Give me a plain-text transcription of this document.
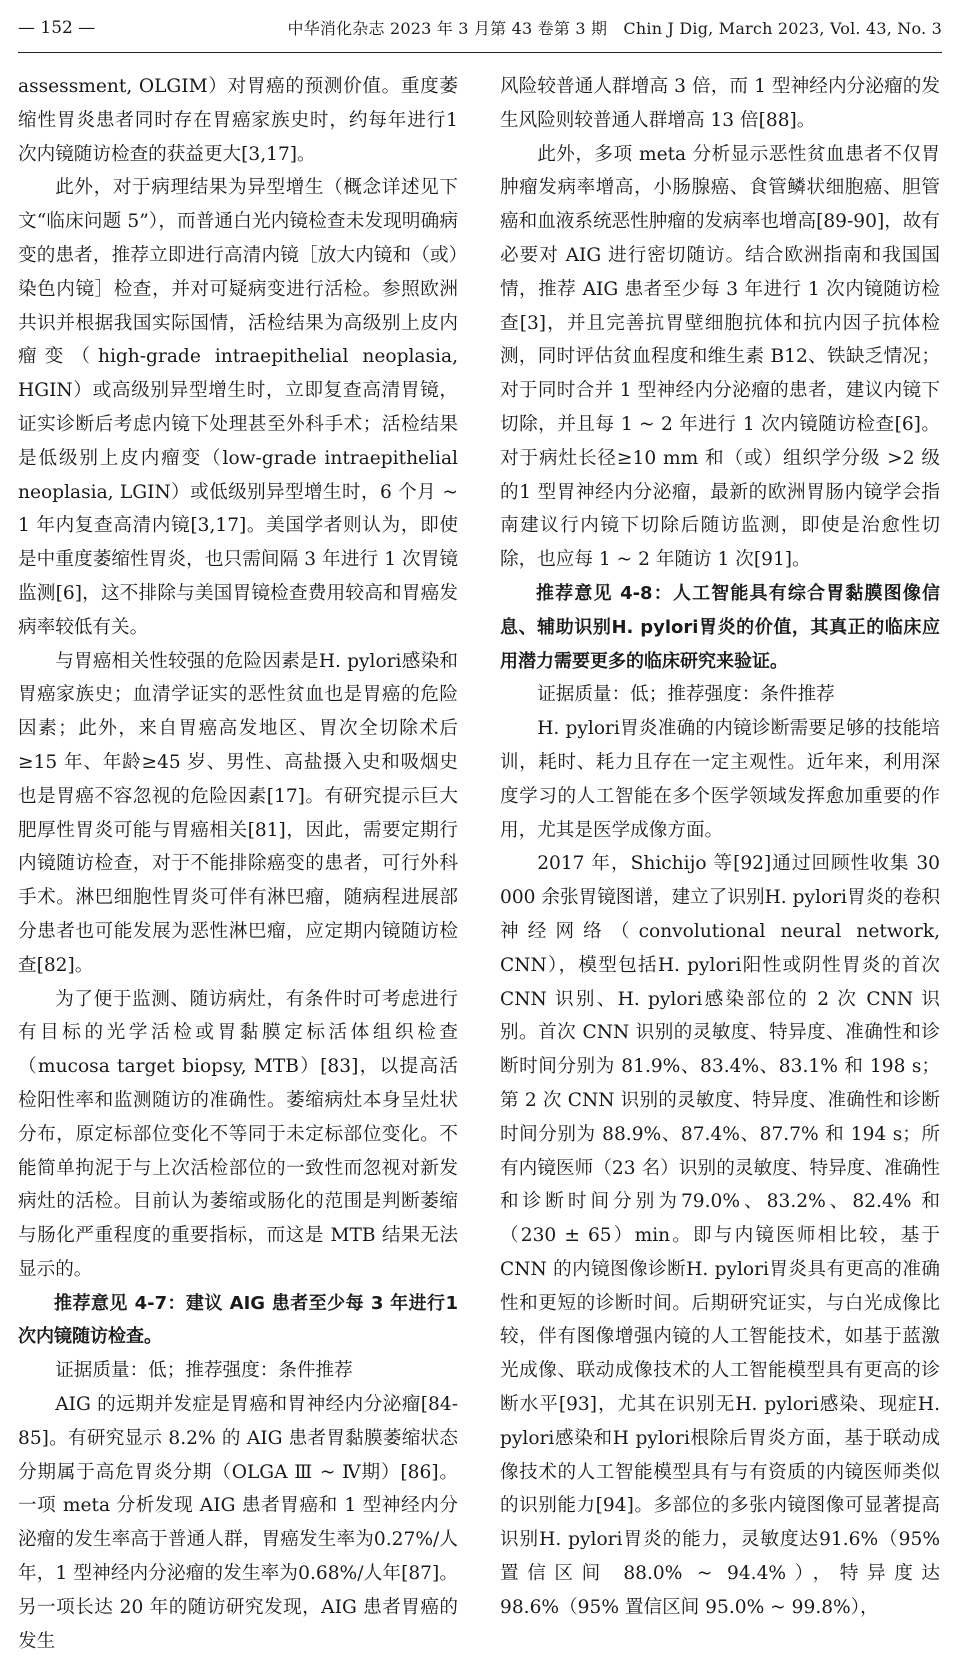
— 152 —	中华消化杂志 2023 年 3 月第 43 卷第 3 期　Chin J Dig, March 2023, Vol. 43, No. 3

assessment, OLGIM）对胃癌的预测价值。重度萎缩性胃炎患者同时存在胃癌家族史时，约每年进行1 次内镜随访检查的获益更大[3,17]。

此外，对于病理结果为异型增生（概念详述见下文“临床问题 5”），而普通白光内镜检查未发现明确病变的患者，推荐立即进行高清内镜［放大内镜和（或）染色内镜］检查，并对可疑病变进行活检。参照欧洲共识并根据我国实际国情，活检结果为高级别上皮内瘤变（high-grade intraepithelial neoplasia, HGIN）或高级别异型增生时，立即复查高清胃镜，证实诊断后考虑内镜下处理甚至外科手术；活检结果是低级别上皮内瘤变（low-grade intraepithelial neoplasia, LGIN）或低级别异型增生时，6 个月 ~ 1 年内复查高清内镜[3,17]。美国学者则认为，即使是中重度萎缩性胃炎，也只需间隔 3 年进行 1 次胃镜监测[6]，这不排除与美国胃镜检查费用较高和胃癌发病率较低有关。

与胃癌相关性较强的危险因素是H. pylori感染和胃癌家族史；血清学证实的恶性贫血也是胃癌的危险因素；此外，来自胃癌高发地区、胃次全切除术后≥15 年、年龄≥45 岁、男性、高盐摄入史和吸烟史也是胃癌不容忽视的危险因素[17]。有研究提示巨大肥厚性胃炎可能与胃癌相关[81]，因此，需要定期行内镜随访检查，对于不能排除癌变的患者，可行外科手术。淋巴细胞性胃炎可伴有淋巴瘤，随病程进展部分患者也可能发展为恶性淋巴瘤，应定期内镜随访检查[82]。

为了便于监测、随访病灶，有条件时可考虑进行有目标的光学活检或胃黏膜定标活体组织检查（mucosa target biopsy, MTB）[83]，以提高活检阳性率和监测随访的准确性。萎缩病灶本身呈灶状分布，原定标部位变化不等同于未定标部位变化。不能简单拘泥于与上次活检部位的一致性而忽视对新发病灶的活检。目前认为萎缩或肠化的范围是判断萎缩与肠化严重程度的重要指标，而这是 MTB 结果无法显示的。

推荐意见 4-7：建议 AIG 患者至少每 3 年进行1 次内镜随访检查。

证据质量：低；推荐强度：条件推荐

AIG 的远期并发症是胃癌和胃神经内分泌瘤[84-85]。有研究显示 8.2% 的 AIG 患者胃黏膜萎缩状态分期属于高危胃炎分期（OLGA Ⅲ ~ Ⅳ期）[86]。一项 meta 分析发现 AIG 患者胃癌和 1 型神经内分泌瘤的发生率高于普通人群，胃癌发生率为0.27%/人年，1 型神经内分泌瘤的发生率为0.68%/人年[87]。另一项长达 20 年的随访研究发现，AIG 患者胃癌的发生

风险较普通人群增高 3 倍，而 1 型神经内分泌瘤的发生风险则较普通人群增高 13 倍[88]。

此外，多项 meta 分析显示恶性贫血患者不仅胃肿瘤发病率增高，小肠腺癌、食管鳞状细胞癌、胆管癌和血液系统恶性肿瘤的发病率也增高[89-90]，故有必要对 AIG 进行密切随访。结合欧洲指南和我国国情，推荐 AIG 患者至少每 3 年进行 1 次内镜随访检查[3]，并且完善抗胃壁细胞抗体和抗内因子抗体检测，同时评估贫血程度和维生素 B12、铁缺乏情况；对于同时合并 1 型神经内分泌瘤的患者，建议内镜下切除，并且每 1 ~ 2 年进行 1 次内镜随访检查[6]。对于病灶长径≥10 mm 和（或）组织学分级 >2 级的1 型胃神经内分泌瘤，最新的欧洲胃肠内镜学会指南建议行内镜下切除后随访监测，即使是治愈性切除，也应每 1 ~ 2 年随访 1 次[91]。

推荐意见 4-8：人工智能具有综合胃黏膜图像信息、辅助识别H. pylori胃炎的价值，其真正的临床应用潜力需要更多的临床研究来验证。

证据质量：低；推荐强度：条件推荐

H. pylori胃炎准确的内镜诊断需要足够的技能培训，耗时、耗力且存在一定主观性。近年来，利用深度学习的人工智能在多个医学领域发挥愈加重要的作用，尤其是医学成像方面。

2017 年，Shichijo 等[92]通过回顾性收集 30 000 余张胃镜图谱，建立了识别H. pylori胃炎的卷积神经网络（convolutional neural network, CNN），模型包括H. pylori阳性或阴性胃炎的首次 CNN 识别、H. pylori感染部位的 2 次 CNN 识别。首次 CNN 识别的灵敏度、特异度、准确性和诊断时间分别为 81.9%、83.4%、83.1% 和 198 s；第 2 次 CNN 识别的灵敏度、特异度、准确性和诊断时间分别为 88.9%、87.4%、87.7% 和 194 s；所有内镜医师（23 名）识别的灵敏度、特异度、准确性和诊断时间分别为79.0%、83.2%、82.4% 和（230 ± 65）min。即与内镜医师相比较，基于 CNN 的内镜图像诊断H. pylori胃炎具有更高的准确性和更短的诊断时间。后期研究证实，与白光成像比较，伴有图像增强内镜的人工智能技术，如基于蓝激光成像、联动成像技术的人工智能模型具有更高的诊断水平[93]，尤其在识别无H. pylori感染、现症H. pylori感染和H pylori根除后胃炎方面，基于联动成像技术的人工智能模型具有与有资质的内镜医师类似的识别能力[94]。多部位的多张内镜图像可显著提高识别H. pylori胃炎的能力，灵敏度达91.6%（95% 置信区间 88.0% ~ 94.4%），特异度达98.6%（95% 置信区间 95.0% ~ 99.8%），
